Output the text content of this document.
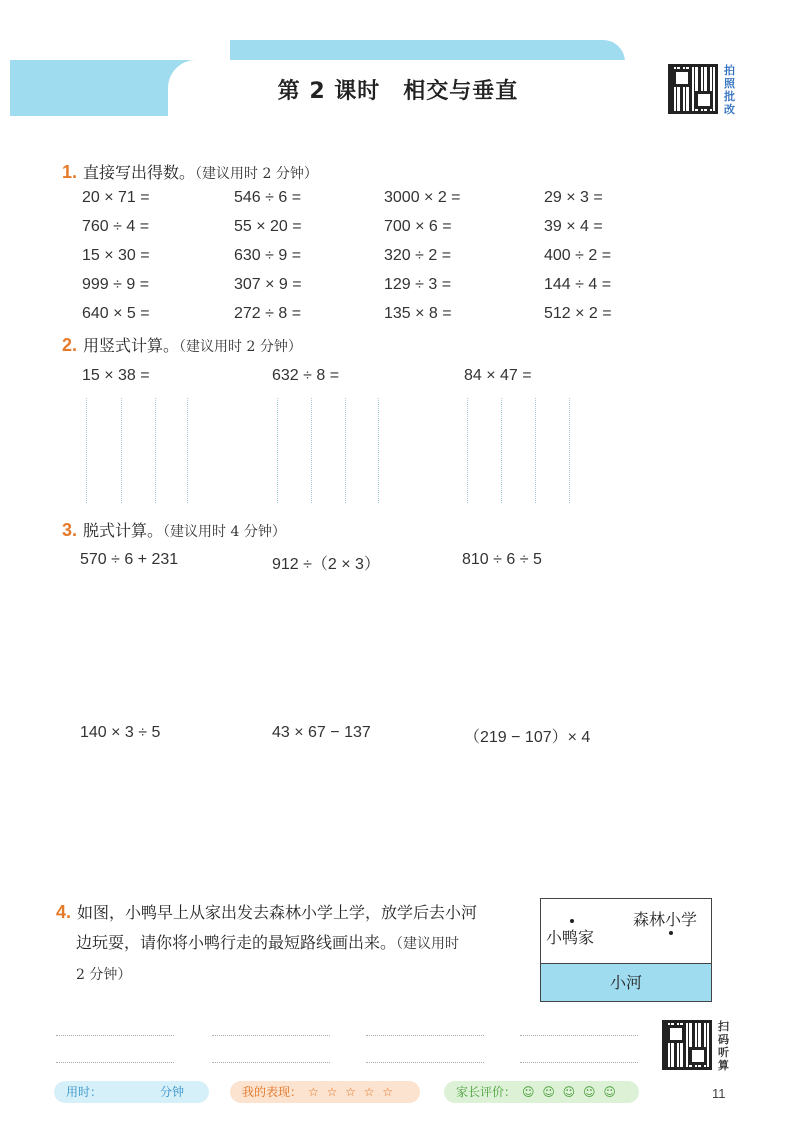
第 2 课时　相交与垂直
拍照批改
1. 直接写出得数。（建议用时 2 分钟）
20 × 71 =	546 ÷ 6 =	3000 × 2 =	29 × 3 =
760 ÷ 4 =	55 × 20 =	700 × 6 =	39 × 4 =
15 × 30 =	630 ÷ 9 =	320 ÷ 2 =	400 ÷ 2 =
999 ÷ 9 =	307 × 9 =	129 ÷ 3 =	144 ÷ 4 =
640 × 5 =	272 ÷ 8 =	135 × 8 =	512 × 2 =
2. 用竖式计算。（建议用时 2 分钟）
15 × 38 =	632 ÷ 8 =	84 × 47 =
3. 脱式计算。（建议用时 4 分钟）
570 ÷ 6 + 231	912 ÷（2 × 3）	810 ÷ 6 ÷ 5
140 × 3 ÷ 5	43 × 67 − 137	（219 − 107）× 4
4. 如图，小鸭早上从家出发去森林小学上学，放学后去小河
边玩耍，请你将小鸭行走的最短路线画出来。（建议用时
2 分钟）
小鸭家
森林小学
小河
扫码听算
用时：	分钟	我的表现： ☆ ☆ ☆ ☆ ☆	家长评价： ☺ ☺ ☺ ☺ ☺	11
